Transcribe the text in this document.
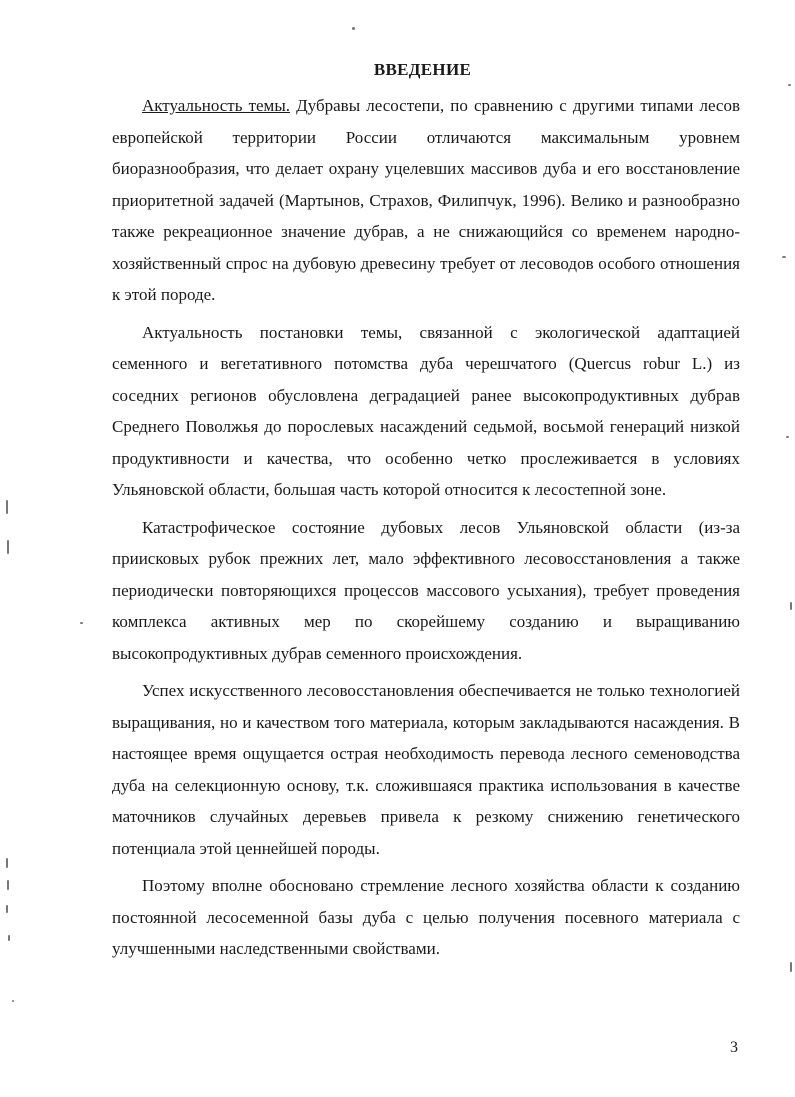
ВВЕДЕНИЕ

Актуальность темы. Дубравы лесостепи, по сравнению с другими типами лесов европейской территории России отличаются максимальным уровнем биоразнообразия, что делает охрану уцелевших массивов дуба и его восстановление приоритетной задачей (Мартынов, Страхов, Филипчук, 1996). Велико и разнообразно также рекреационное значение дубрав, а не снижающийся со временем народно-хозяйственный спрос на дубовую древесину требует от лесоводов особого отношения к этой породе.

Актуальность постановки темы, связанной с экологической адаптацией семенного и вегетативного потомства дуба черешчатого (Quercus robur L.) из соседних регионов обусловлена деградацией ранее высокопродуктивных дубрав Среднего Поволжья до порослевых насаждений седьмой, восьмой генераций низкой продуктивности и качества, что особенно четко прослеживается в условиях Ульяновской области, большая часть которой относится к лесостепной зоне.

Катастрофическое состояние дубовых лесов Ульяновской области (из-за приисковых рубок прежних лет, мало эффективного лесовосстановления а также периодически повторяющихся процессов массового усыхания), требует проведения комплекса активных мер по скорейшему созданию и выращиванию высокопродуктивных дубрав семенного происхождения.

Успех искусственного лесовосстановления обеспечивается не только технологией выращивания, но и качеством того материала, которым закладываются насаждения. В настоящее время ощущается острая необходимость перевода лесного семеноводства дуба на селекционную основу, т.к. сложившаяся практика использования в качестве маточников случайных деревьев привела к резкому снижению генетического потенциала этой ценнейшей породы.

Поэтому вполне обосновано стремление лесного хозяйства области к созданию постоянной лесосеменной базы дуба с целью получения посевного материала с улучшенными наследственными свойствами.

3
